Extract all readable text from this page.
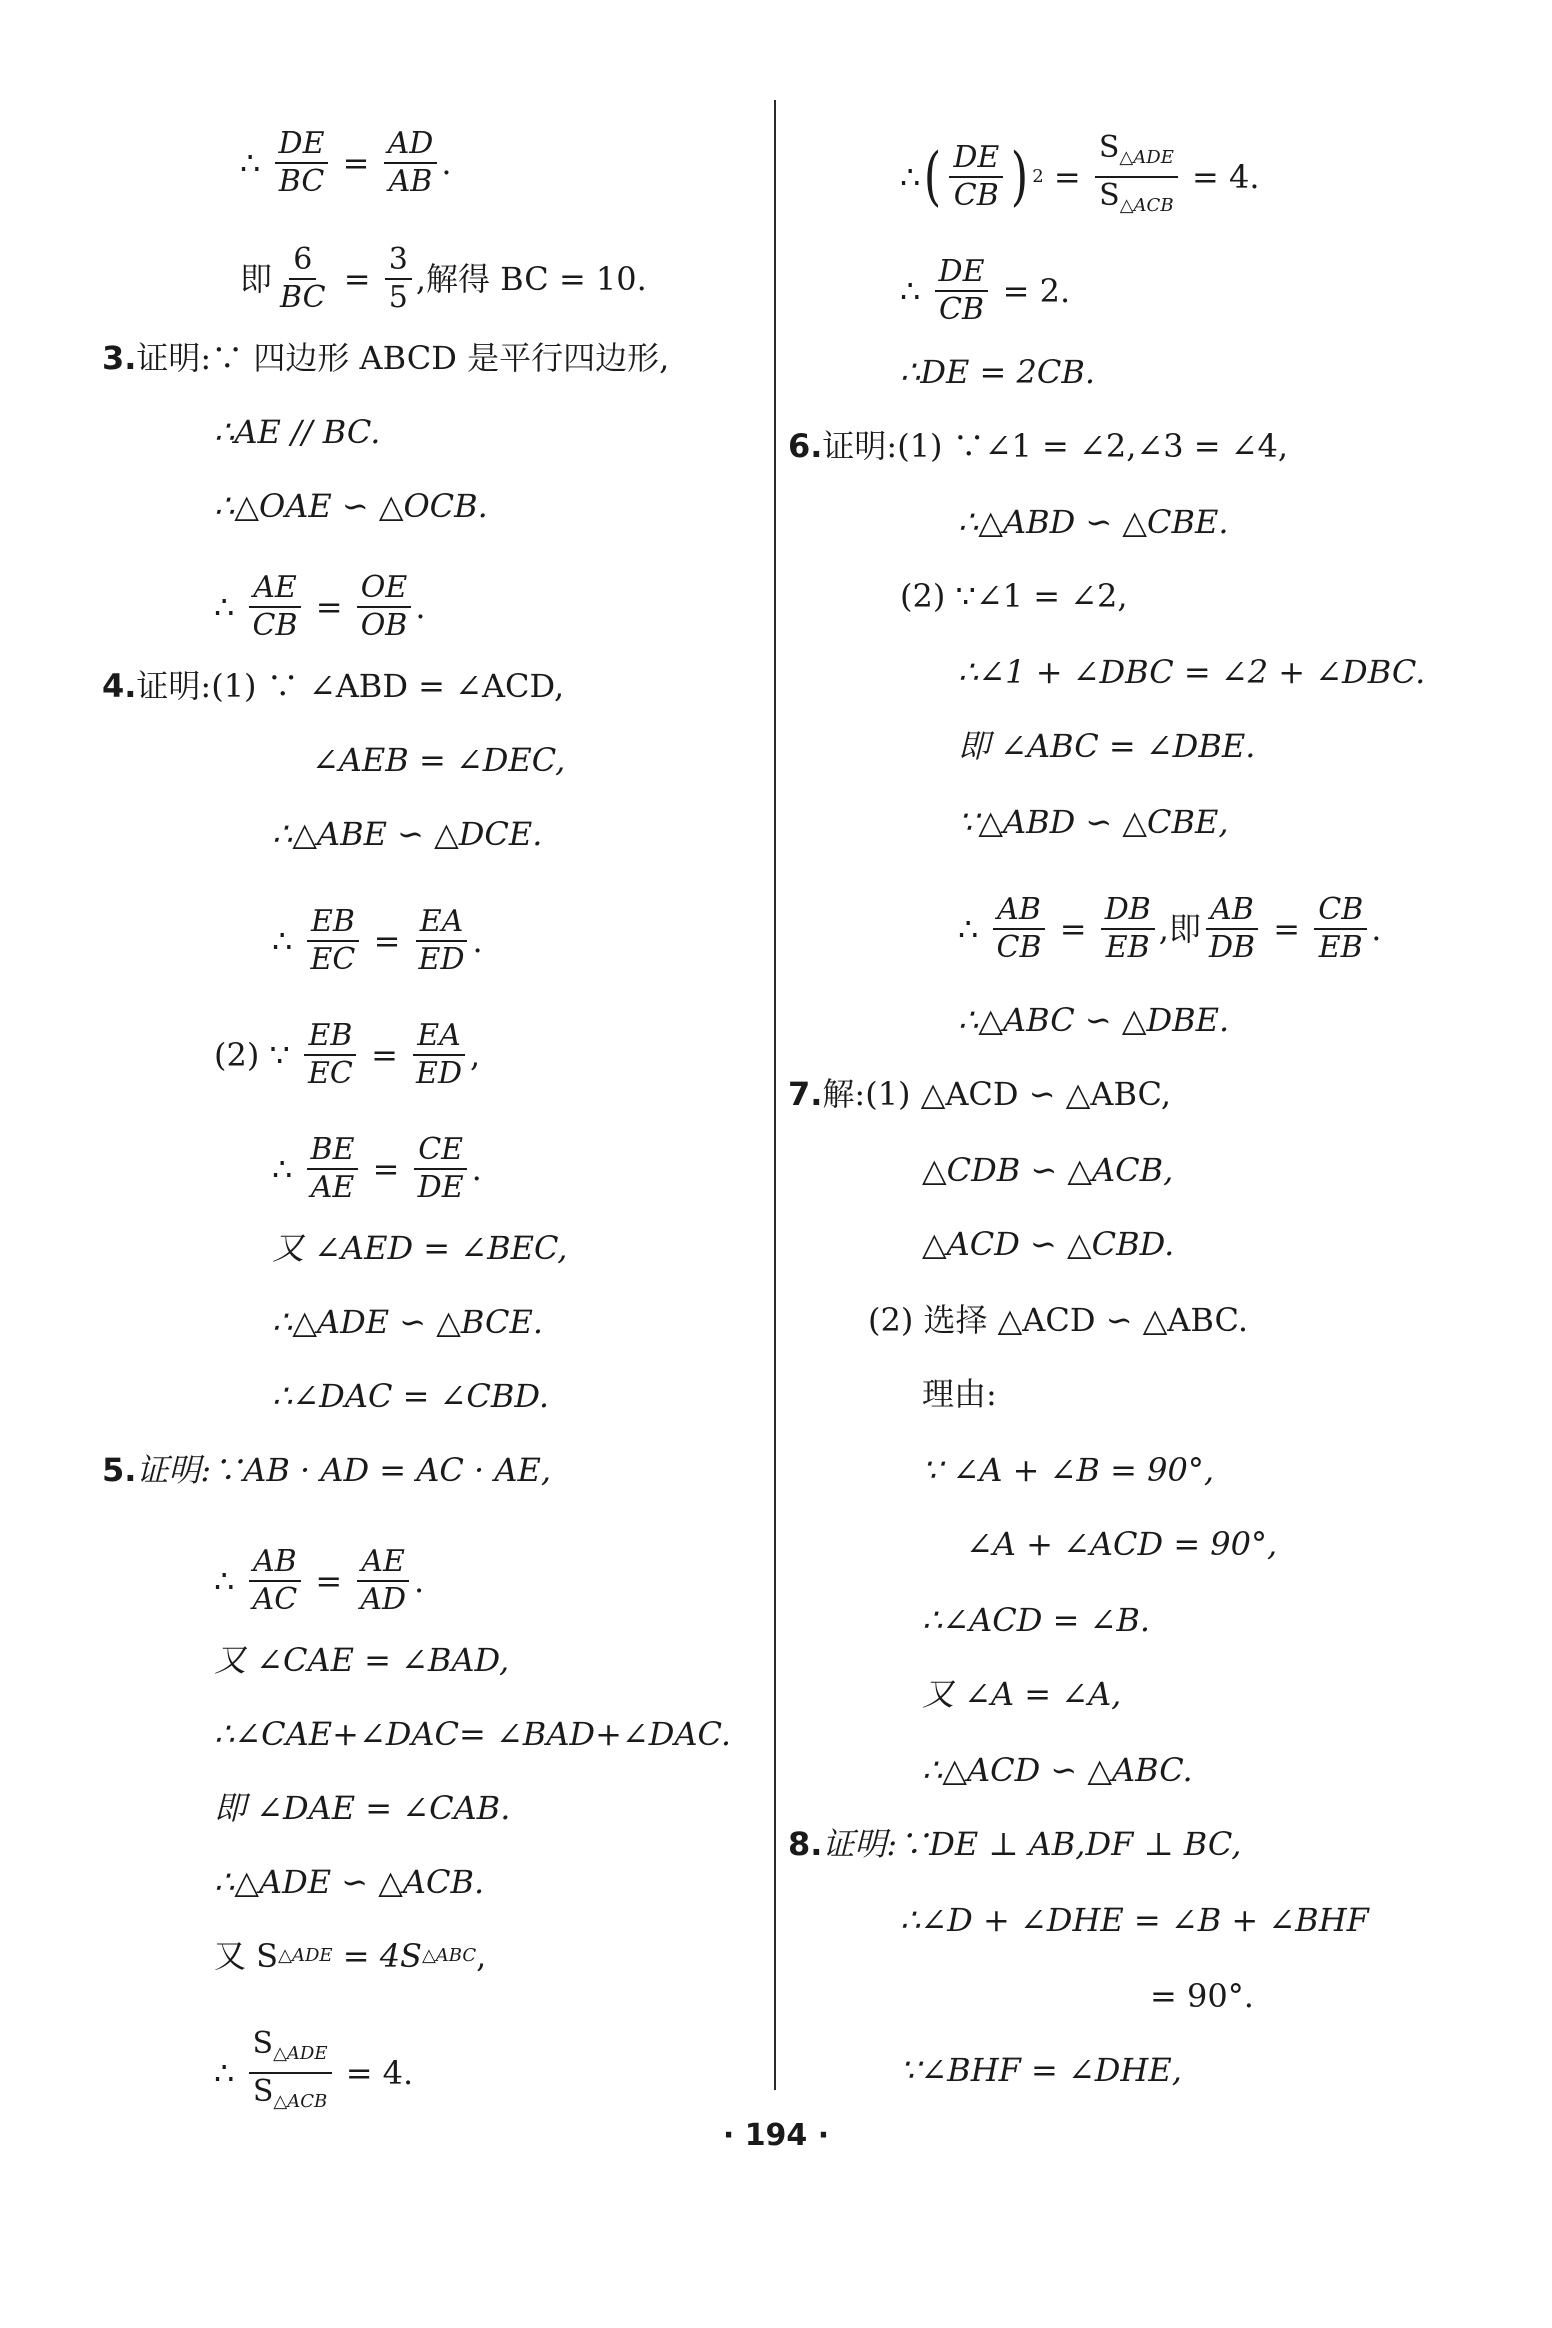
∴ $\frac{DE}{BC} = \frac{AD}{AB}$ .
即 $\frac{6}{BC} = \frac{3}{5}$ ,解得 BC = 10.
3. 证明:∵ 四边形 ABCD 是平行四边形,
∴AE // BC.
∴△OAE ∽ △OCB.
∴ $\frac{AE}{CB} = \frac{OE}{OB}$ .
4. 证明:(1) ∵ ∠ABD = ∠ACD,
∠AEB = ∠DEC,
∴△ABE ∽ △DCE.
∴ $\frac{EB}{EC} = \frac{EA}{ED}$ .
(2) ∵ $\frac{EB}{EC} = \frac{EA}{ED}$ ,
∴ $\frac{BE}{AE} = \frac{CE}{DE}$ .
又 ∠AED = ∠BEC,
∴△ADE ∽ △BCE.
∴∠DAC = ∠CBD.
5. 证明:∵AB · AD = AC · AE,
∴ $\frac{AB}{AC} = \frac{AE}{AD}$ .
又 ∠CAE = ∠BAD,
∴∠CAE+∠DAC= ∠BAD+∠DAC.
即 ∠DAE = ∠CAB.
∴△ADE ∽ △ACB.
又 S △ADE = 4S △ABC ,
∴ $\frac{S_{\triangle ADE}}{S_{\triangle ACB}} = 4$.
∴ ( $\frac{DE}{CB}$ ) $2 = \frac{S_{\triangle ADE}}{S_{\triangle ACB}} = 4$.
∴ $\frac{DE}{CB} = 2$.
∴DE = 2CB.
6. 证明:(1) ∵∠1 = ∠2,∠3 = ∠4,
∴△ABD ∽ △CBE.
(2) ∵∠1 = ∠2,
∴∠1 + ∠DBC = ∠2 + ∠DBC.
即 ∠ABC = ∠DBE.
∵△ABD ∽ △CBE,
∴ $\frac{AB}{CB} = \frac{DB}{EB}$ ,即 $\frac{AB}{DB} = \frac{CB}{EB}$ .
∴△ABC ∽ △DBE.
7. 解:(1) △ACD ∽ △ABC,
△CDB ∽ △ACB,
△ACD ∽ △CBD.
(2) 选择 △ACD ∽ △ABC.
理由:
∵ ∠A + ∠B = 90°,
∠A + ∠ACD = 90°,
∴∠ACD = ∠B.
又 ∠A = ∠A,
∴△ACD ∽ △ABC.
8. 证明:∵DE ⊥ AB,DF ⊥ BC,
∴∠D + ∠DHE = ∠B + ∠BHF
= 90°.
∵∠BHF = ∠DHE,
· 194 ·
